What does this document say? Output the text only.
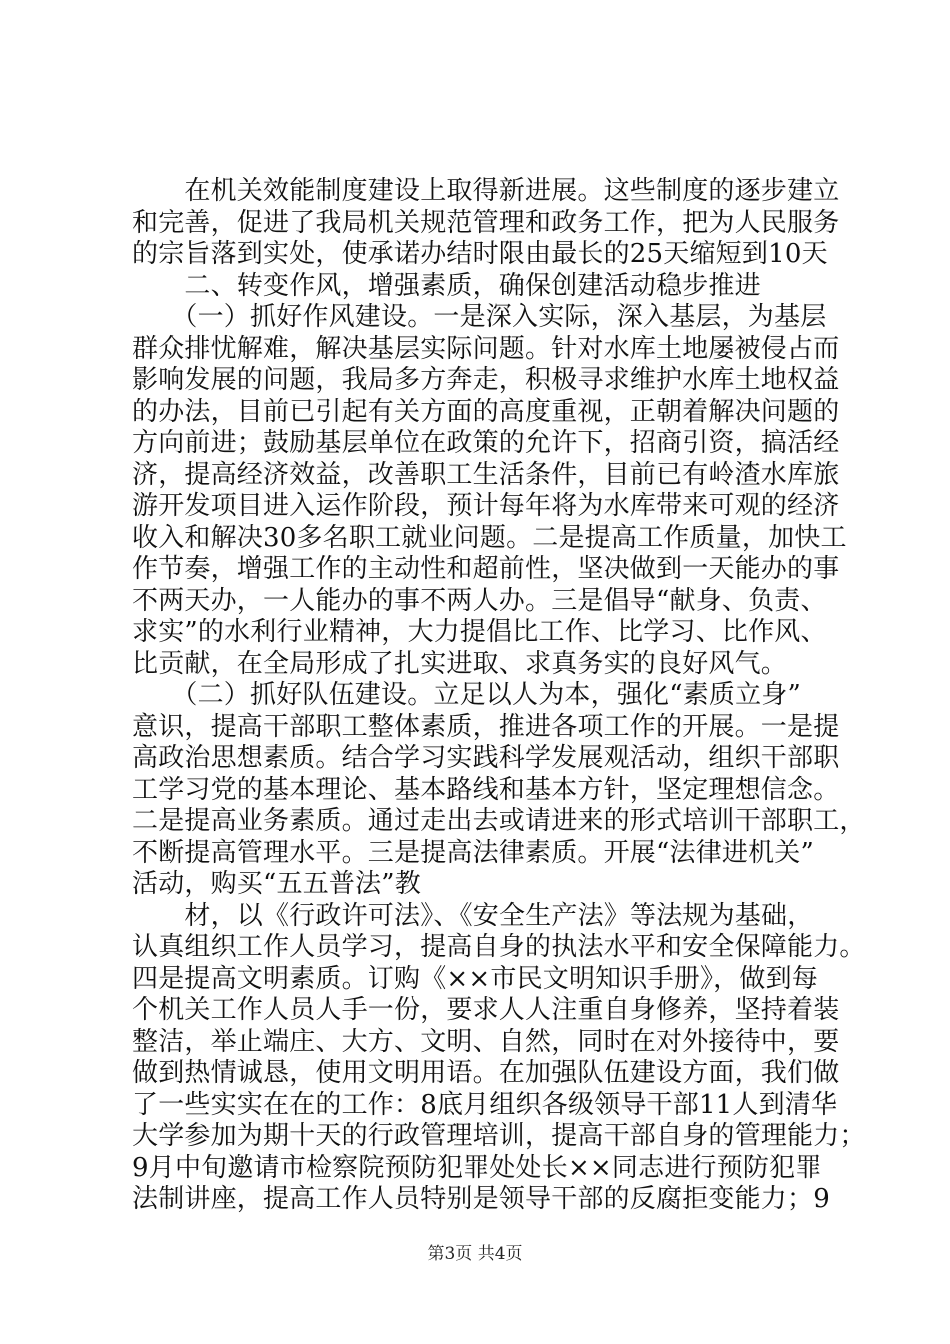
　　在机关效能制度建设上取得新进展。这些制度的逐步建立
和完善，促进了我局机关规范管理和政务工作，把为人民服务
的宗旨落到实处，使承诺办结时限由最长的25天缩短到10天
　　二、转变作风，增强素质，确保创建活动稳步推进
　　（一）抓好作风建设。一是深入实际，深入基层，为基层
群众排忧解难，解决基层实际问题。针对水库土地屡被侵占而
影响发展的问题，我局多方奔走，积极寻求维护水库土地权益
的办法，目前已引起有关方面的高度重视，正朝着解决问题的
方向前进；鼓励基层单位在政策的允许下，招商引资，搞活经
济，提高经济效益，改善职工生活条件，目前已有岭渣水库旅
游开发项目进入运作阶段，预计每年将为水库带来可观的经济
收入和解决30多名职工就业问题。二是提高工作质量，加快工
作节奏，增强工作的主动性和超前性，坚决做到一天能办的事
不两天办，一人能办的事不两人办。三是倡导“献身、负责、
求实”的水利行业精神，大力提倡比工作、比学习、比作风、
比贡献，在全局形成了扎实进取、求真务实的良好风气。
　　（二）抓好队伍建设。立足以人为本，强化“素质立身”
意识，提高干部职工整体素质，推进各项工作的开展。一是提
高政治思想素质。结合学习实践科学发展观活动，组织干部职
工学习党的基本理论、基本路线和基本方针，坚定理想信念。
二是提高业务素质。通过走出去或请进来的形式培训干部职工，
不断提高管理水平。三是提高法律素质。开展“法律进机关”
活动，购买“五五普法”教
　　材，以《行政许可法》、《安全生产法》等法规为基础，
认真组织工作人员学习，提高自身的执法水平和安全保障能力。
四是提高文明素质。订购《××市民文明知识手册》，做到每
个机关工作人员人手一份，要求人人注重自身修养，坚持着装
整洁，举止端庄、大方、文明、自然，同时在对外接待中，要
做到热情诚恳，使用文明用语。在加强队伍建设方面，我们做
了一些实实在在的工作：8底月组织各级领导干部11人到清华
大学参加为期十天的行政管理培训，提高干部自身的管理能力；
9月中旬邀请市检察院预防犯罪处处长××同志进行预防犯罪
法制讲座，提高工作人员特别是领导干部的反腐拒变能力；9
第3页 共4页
